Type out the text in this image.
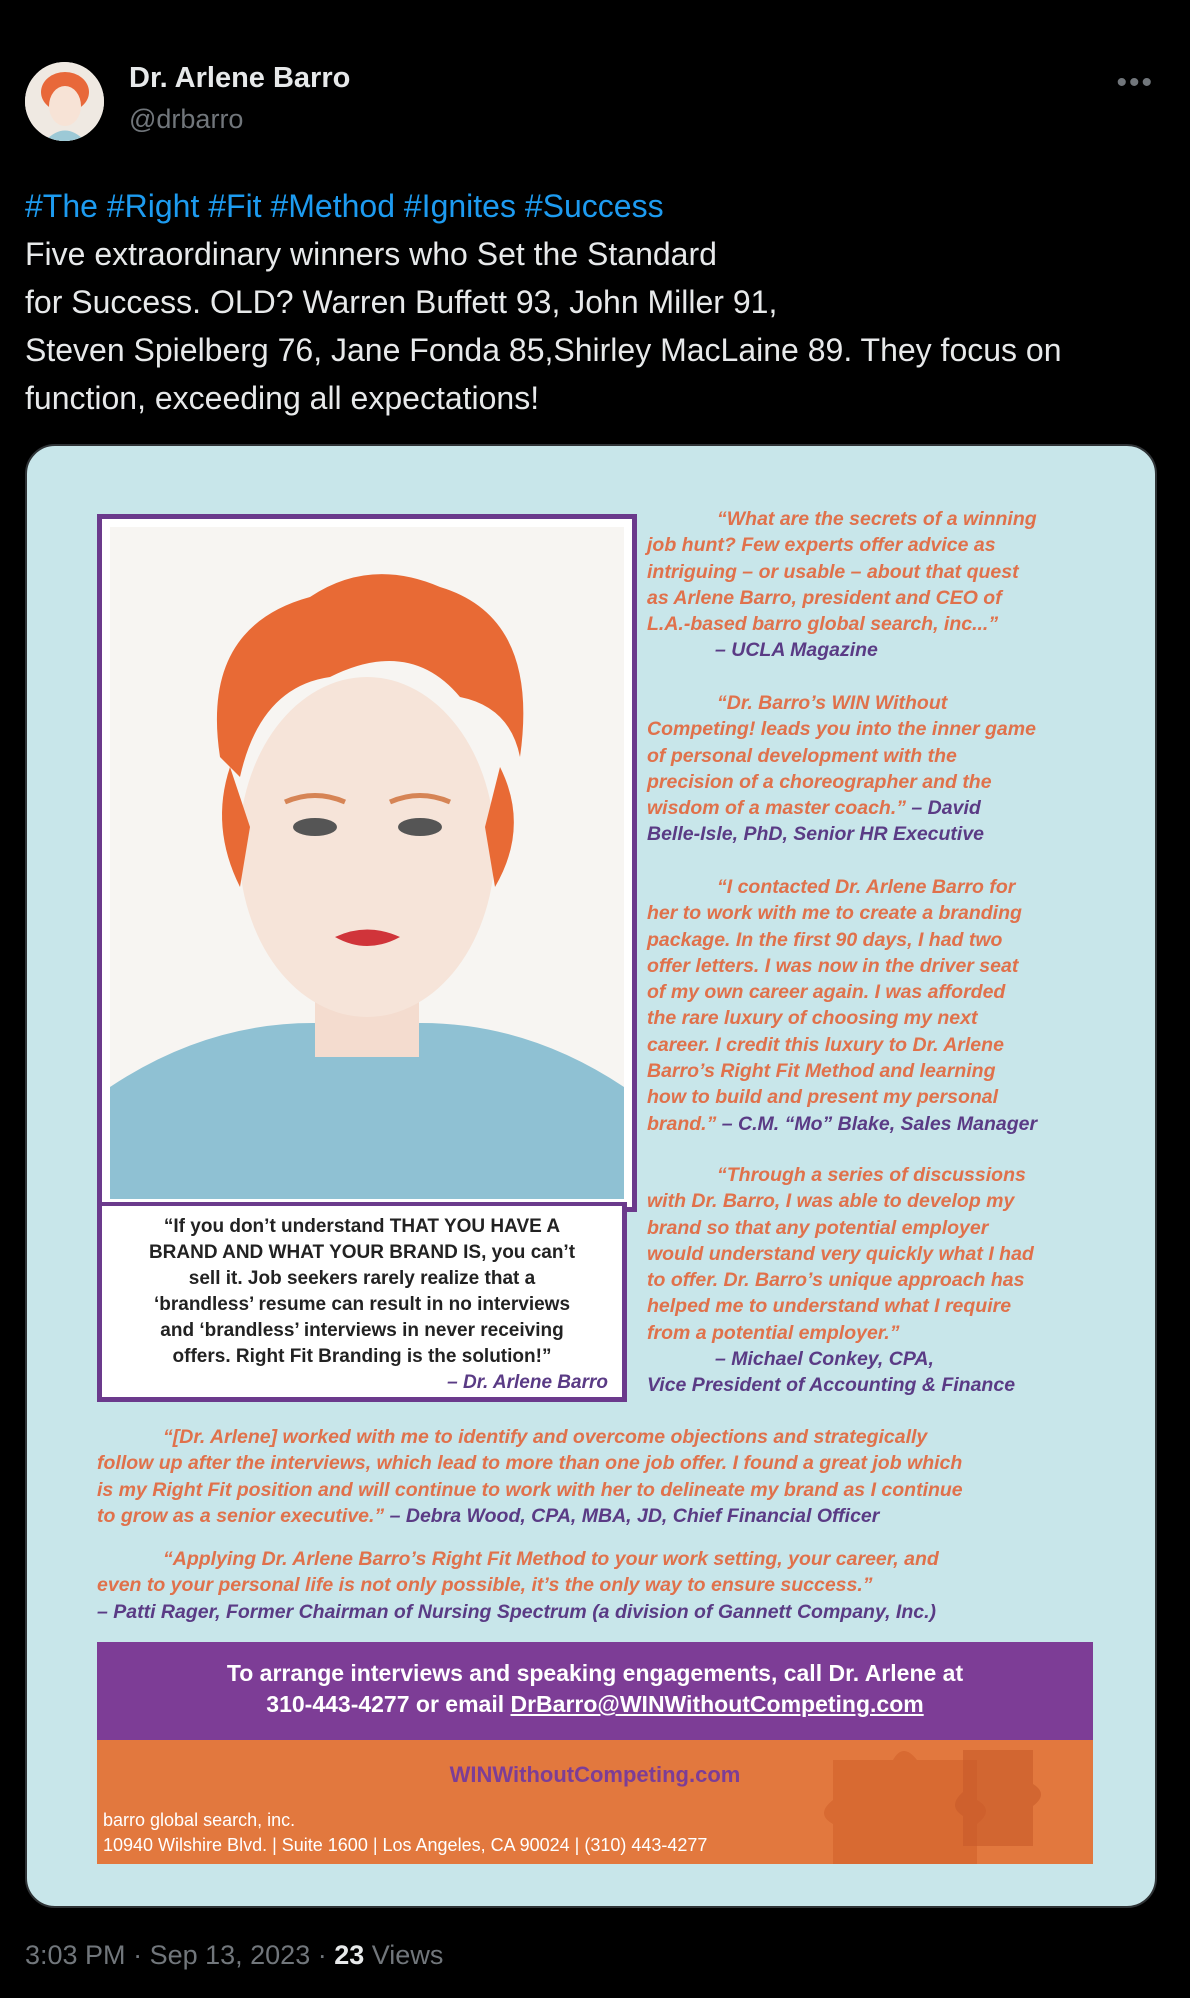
Dr. Arlene Barro
@drbarro
•••
#The #Right #Fit #Method #Ignites #Success
Five extraordinary winners who Set the Standard
for Success. OLD? Warren Buffett 93, John Miller 91,
Steven Spielberg 76, Jane Fonda 85,Shirley MacLaine 89. They focus on
function, exceeding all expectations!
“If you don’t understand THAT YOU HAVE A
BRAND AND WHAT YOUR BRAND IS, you can’t
sell it. Job seekers rarely realize that a
‘brandless’ resume can result in no interviews
and ‘brandless’ interviews in never receiving
offers. Right Fit Branding is the solution!”
– Dr. Arlene Barro
“What are the secrets of a winning
job hunt? Few experts offer advice as
intriguing – or usable – about that quest
as Arlene Barro, president and CEO of
L.A.-based barro global search, inc...”
– UCLA Magazine
“Dr. Barro’s WIN Without
Competing! leads you into the inner game
of personal development with the
precision of a choreographer and the
wisdom of a master coach.” – David
Belle-Isle, PhD, Senior HR Executive
“I contacted Dr. Arlene Barro for
her to work with me to create a branding
package. In the first 90 days, I had two
offer letters. I was now in the driver seat
of my own career again. I was afforded
the rare luxury of choosing my next
career. I credit this luxury to Dr. Arlene
Barro’s Right Fit Method and learning
how to build and present my personal
brand.” – C.M. “Mo” Blake, Sales Manager
“Through a series of discussions
with Dr. Barro, I was able to develop my
brand so that any potential employer
would understand very quickly what I had
to offer. Dr. Barro’s unique approach has
helped me to understand what I require
from a potential employer.”
– Michael Conkey, CPA,
Vice President of Accounting & Finance
“[Dr. Arlene] worked with me to identify and overcome objections and strategically
follow up after the interviews, which lead to more than one job offer. I found a great job which
is my Right Fit position and will continue to work with her to delineate my brand as I continue
to grow as a senior executive.” – Debra Wood, CPA, MBA, JD, Chief Financial Officer
“Applying Dr. Arlene Barro’s Right Fit Method to your work setting, your career, and
even to your personal life is not only possible, it’s the only way to ensure success.”
– Patti Rager, Former Chairman of Nursing Spectrum (a division of Gannett Company, Inc.)
To arrange interviews and speaking engagements, call Dr. Arlene at
310-443-4277 or email DrBarro@WINWithoutCompeting.com
WINWithoutCompeting.com
barro global search, inc.
10940 Wilshire Blvd. | Suite 1600 | Los Angeles, CA 90024 | (310) 443-4277
3:03 PM · Sep 13, 2023 · 23 Views
